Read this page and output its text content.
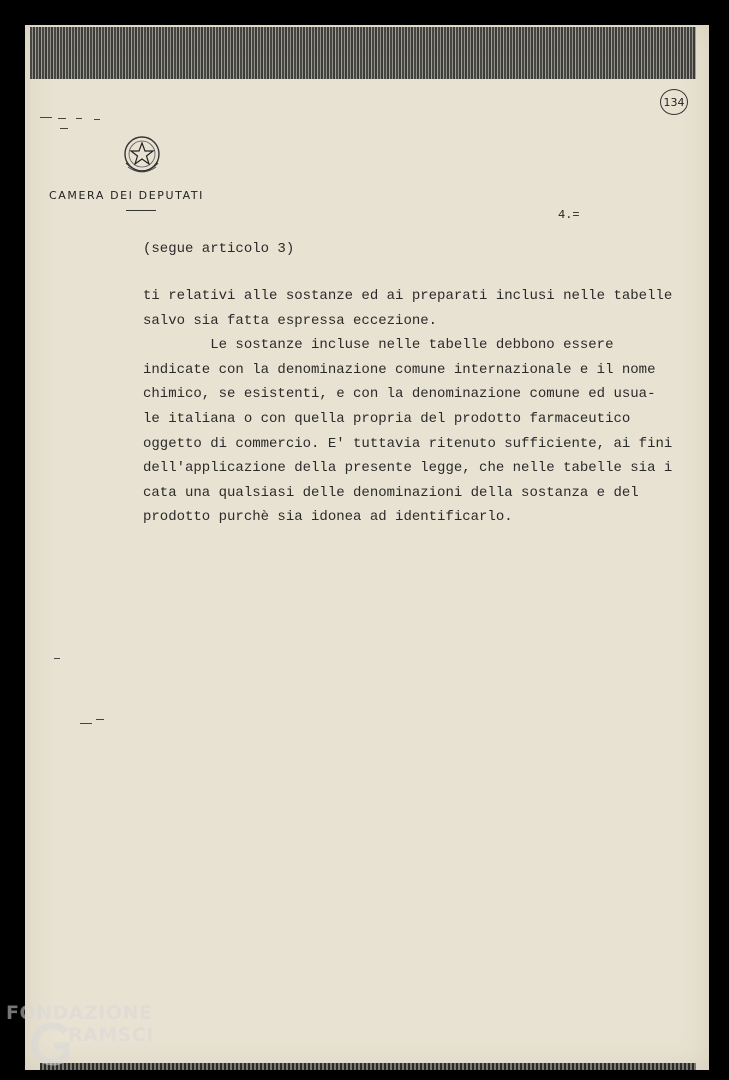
CAMERA DEI DEPUTATI
134
4.=
(segue articolo 3)
ti relativi alle sostanze ed ai preparati inclusi nelle tabelle
salvo sia fatta espressa eccezione.
Le sostanze incluse nelle tabelle debbono essere
indicate con la denominazione comune internazionale e il nome
chimico, se esistenti, e con la denominazione comune ed usua-
le italiana o con quella propria del prodotto farmaceutico
oggetto di commercio. E' tuttavia ritenuto sufficiente, ai fini
dell'applicazione della presente legge, che nelle tabelle sia i
cata una qualsiasi delle denominazioni della sostanza e del
prodotto purchè sia idonea ad identificarlo.
FONDAZIONE
RAMSCI
